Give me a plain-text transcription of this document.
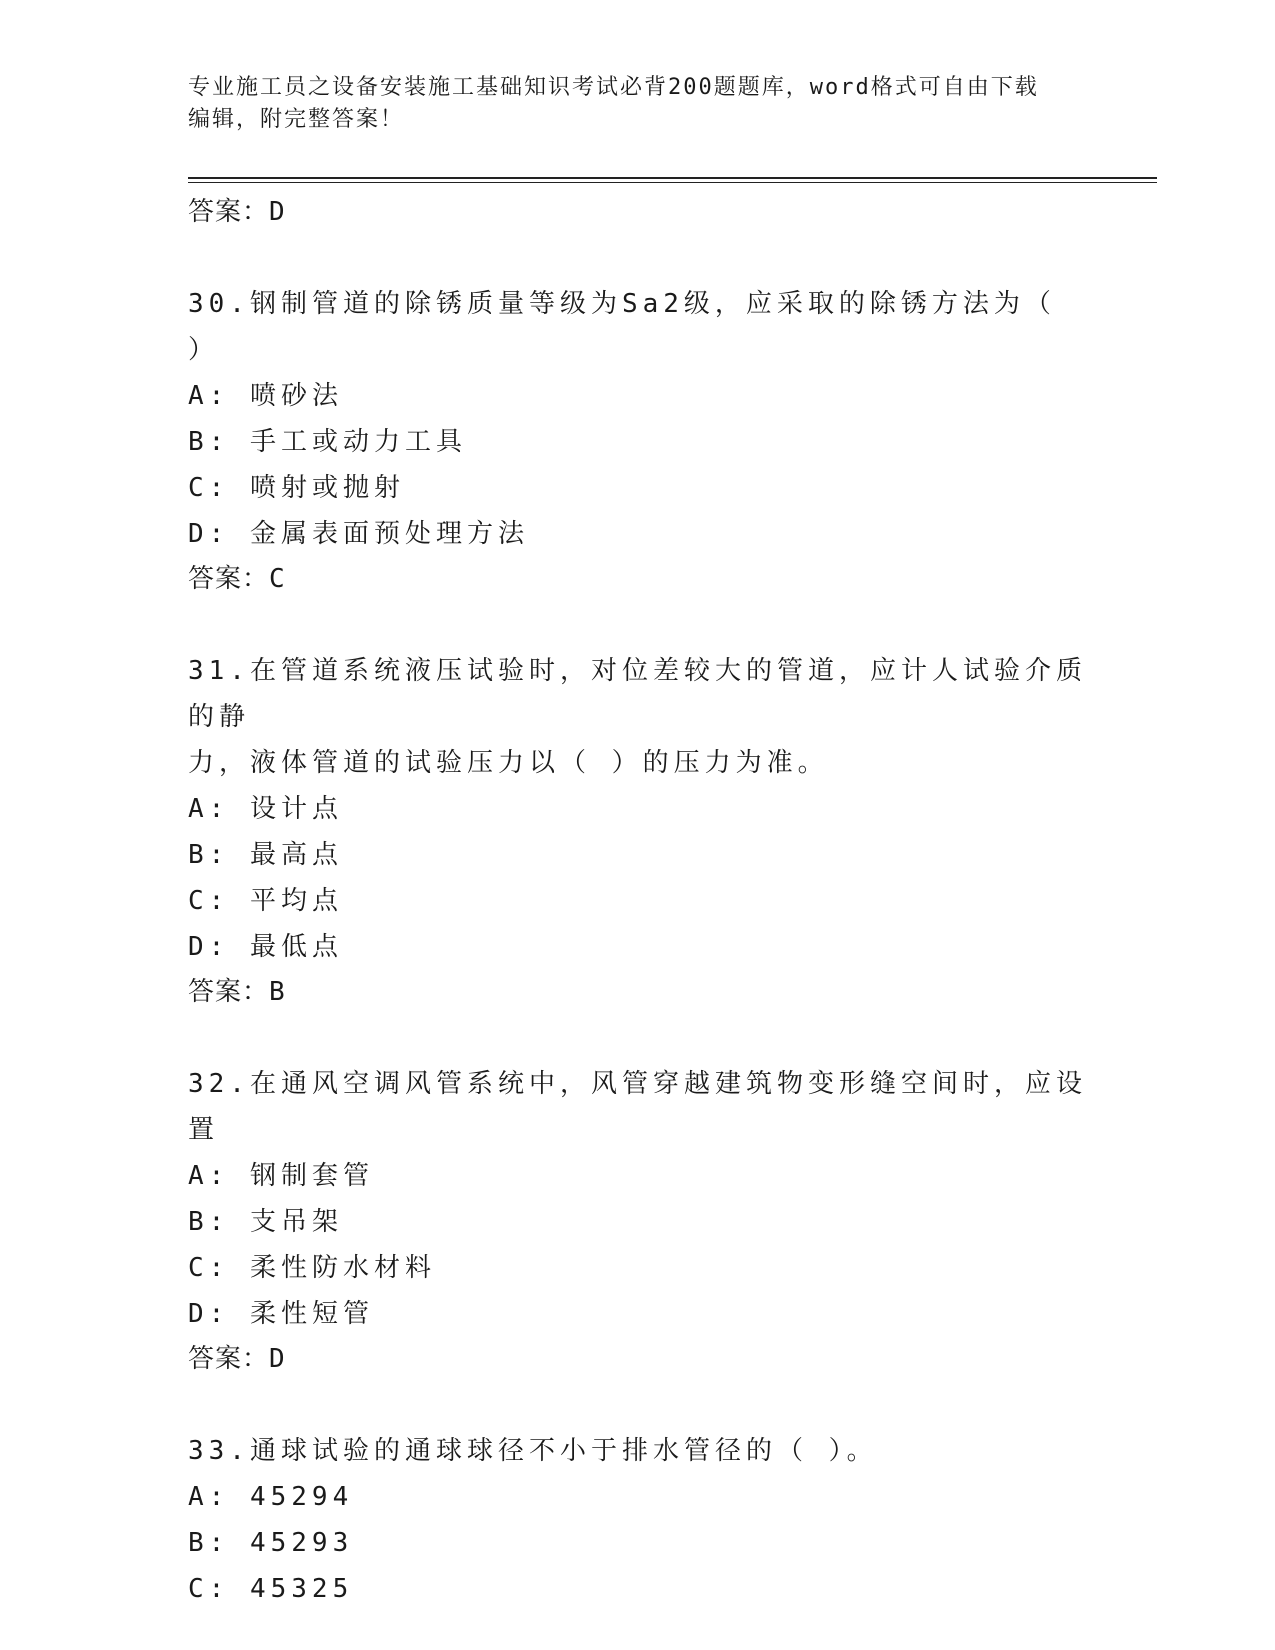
专业施工员之设备安装施工基础知识考试必背200题题库，word格式可自由下载
编辑，附完整答案！
答案：D
30.钢制管道的除锈质量等级为Sa2级，应采取的除锈方法为（ ）
A: 喷砂法
B: 手工或动力工具
C: 喷射或抛射
D: 金属表面预处理方法
答案：C
31.在管道系统液压试验时，对位差较大的管道，应计人试验介质的静
力，液体管道的试验压力以（ ）的压力为准。
A: 设计点
B: 最高点
C: 平均点
D: 最低点
答案：B
32.在通风空调风管系统中，风管穿越建筑物变形缝空间时，应设置
A: 钢制套管
B: 支吊架
C: 柔性防水材料
D: 柔性短管
答案：D
33.通球试验的通球球径不小于排水管径的（ ）。
A: 45294
B: 45293
C: 45325
